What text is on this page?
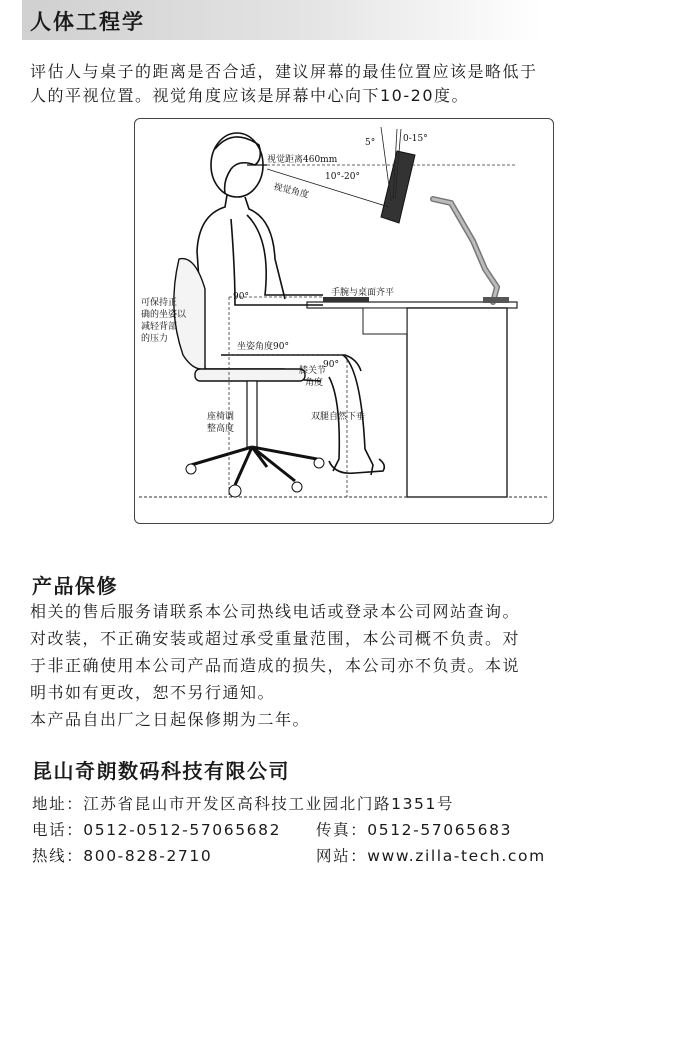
人体工程学

评估人与桌子的距离是否合适，建议屏幕的最佳位置应该是略低于

人的平视位置。视觉角度应该是屏幕中心向下10-20度。

5°	0-15°
视觉距离460mm
视觉角度
10°-20°
可保持正
确的坐姿以
减轻背部
的压力
90°	手腕与桌面齐平
坐姿角度90°
90°
膝关节
角度
座椅调
整高度
双腿自然下垂
产品保修

相关的售后服务请联系本公司热线电话或登录本公司网站查询。

对改装，不正确安装或超过承受重量范围，本公司概不负责。对

于非正确使用本公司产品而造成的损失，本公司亦不负责。本说

明书如有更改，恕不另行通知。

本产品自出厂之日起保修期为二年。

昆山奇朗数码科技有限公司
地址：江苏省昆山市开发区高科技工业园北门路1351号
电话：0512-0512-57065682 传真：0512-57065683
热线：800-828-2710	网站：www.zilla-tech.com
